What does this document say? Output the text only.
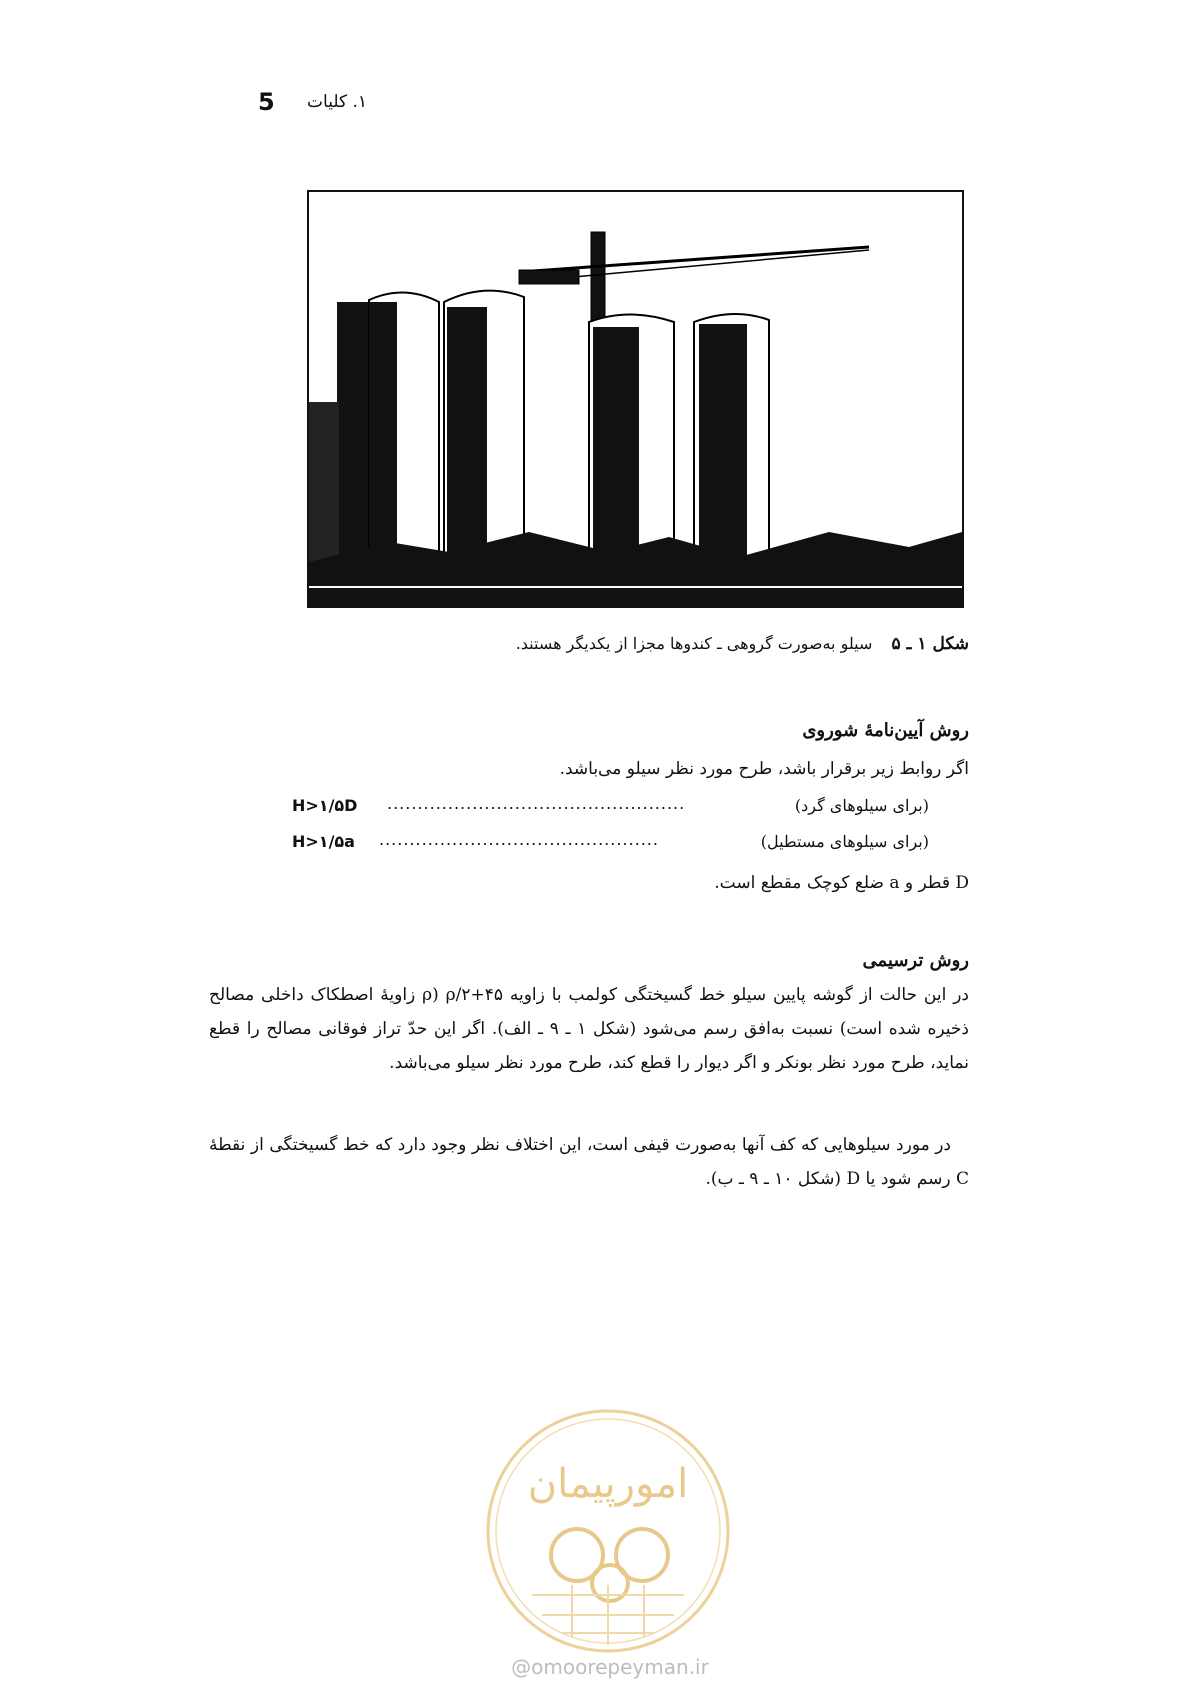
5 ۱. کلیات
شکل ۱ ـ ۵ سیلو به‌صورت گروهی ـ کندوها مجزا از یکدیگر هستند.
روش آیین‌نامهٔ شوروی
اگر روابط زیر برقرار باشد، طرح مورد نظر سیلو می‌باشد.
(برای سیلوهای گرد)
.................................................
H>۱/۵D
(برای سیلوهای مستطیل)
..............................................
H>۱/۵a
D قطر و a ضلع کوچک مقطع است.
روش ترسیمی
در این حالت از گوشه پایین سیلو خط گسیختگی کولمب با زاویه ۴۵+ρ/۲ (ρ زاویهٔ اصطکاک داخلی مصالح ذخیره شده است) نسبت به‌افق رسم می‌شود (شکل ۱ ـ ۹ ـ الف). اگر این حدّ تراز فوقانی مصالح را قطع نماید، طرح مورد نظر بونکر و اگر دیوار را قطع کند، طرح مورد نظر سیلو می‌باشد.
در مورد سیلوهایی که کف آنها به‌صورت قیفی است، این اختلاف نظر وجود دارد که خط گسیختگی از نقطهٔ C رسم شود یا D (شکل ۱۰ ـ ۹ ـ ب).
امورپیمان
@omoorepeyman.ir
